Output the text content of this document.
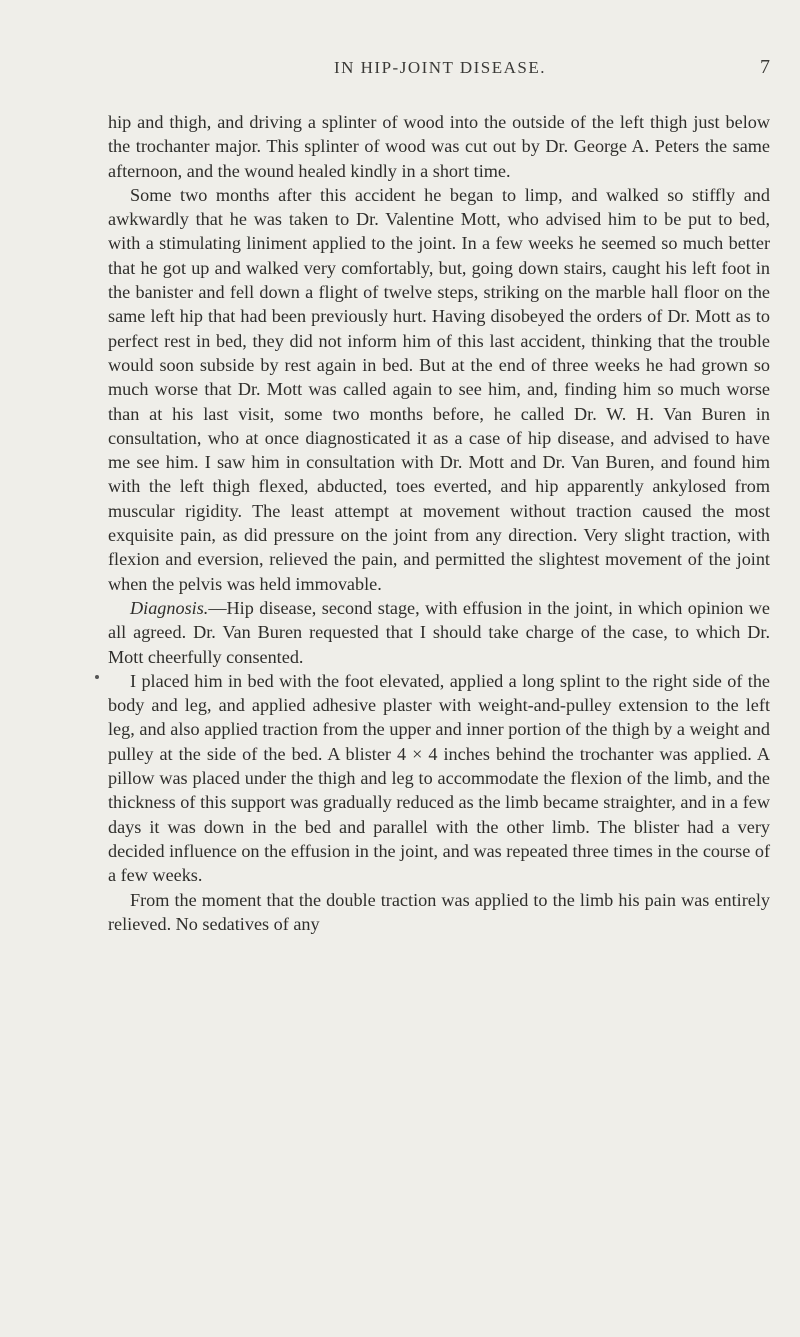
IN HIP-JOINT DISEASE.	7

hip and thigh, and driving a splinter of wood into the outside of the left thigh just below the trochanter major. This splinter of wood was cut out by Dr. George A. Peters the same afternoon, and the wound healed kindly in a short time.

Some two months after this accident he began to limp, and walked so stiffly and awkwardly that he was taken to Dr. Valentine Mott, who advised him to be put to bed, with a stimulating liniment applied to the joint. In a few weeks he seemed so much better that he got up and walked very comfortably, but, going down stairs, caught his left foot in the banister and fell down a flight of twelve steps, striking on the marble hall floor on the same left hip that had been previously hurt. Having disobeyed the orders of Dr. Mott as to perfect rest in bed, they did not inform him of this last accident, thinking that the trouble would soon subside by rest again in bed. But at the end of three weeks he had grown so much worse that Dr. Mott was called again to see him, and, finding him so much worse than at his last visit, some two months before, he called Dr. W. H. Van Buren in consultation, who at once diagnosticated it as a case of hip disease, and advised to have me see him. I saw him in consultation with Dr. Mott and Dr. Van Buren, and found him with the left thigh flexed, abducted, toes everted, and hip apparently ankylosed from muscular rigidity. The least attempt at movement without traction caused the most exquisite pain, as did pressure on the joint from any direction. Very slight traction, with flexion and eversion, relieved the pain, and permitted the slightest movement of the joint when the pelvis was held immovable.

Diagnosis.—Hip disease, second stage, with effusion in the joint, in which opinion we all agreed. Dr. Van Buren requested that I should take charge of the case, to which Dr. Mott cheerfully consented.

I placed him in bed with the foot elevated, applied a long splint to the right side of the body and leg, and applied adhesive plaster with weight-and-pulley extension to the left leg, and also applied traction from the upper and inner portion of the thigh by a weight and pulley at the side of the bed. A blister 4 × 4 inches behind the trochanter was applied. A pillow was placed under the thigh and leg to accommodate the flexion of the limb, and the thickness of this support was gradually reduced as the limb became straighter, and in a few days it was down in the bed and parallel with the other limb. The blister had a very decided influence on the effusion in the joint, and was repeated three times in the course of a few weeks.

From the moment that the double traction was applied to the limb his pain was entirely relieved. No sedatives of any
